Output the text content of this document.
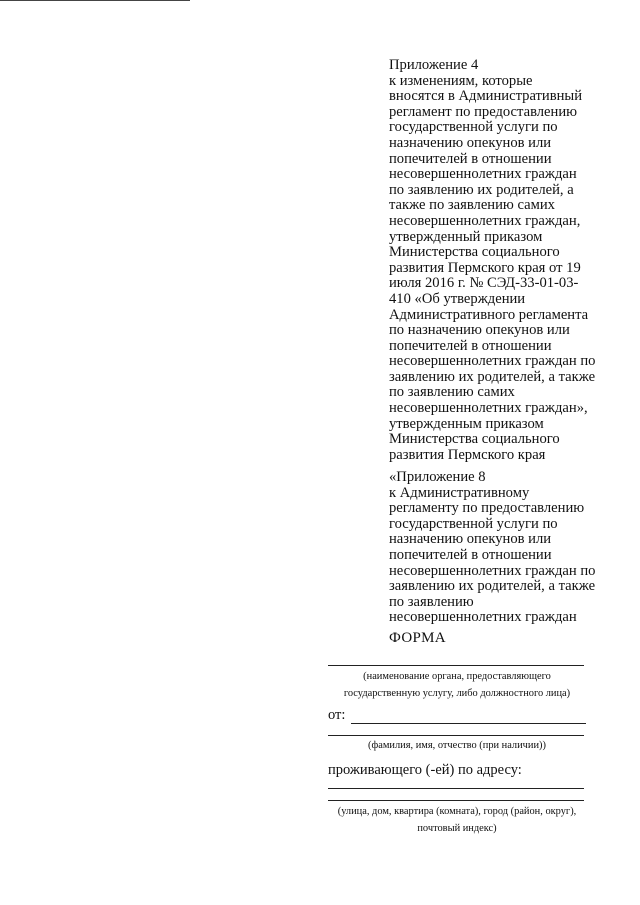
Приложение 4
к изменениям, которые
вносятся в Административный
регламент по предоставлению
государственной услуги по
назначению опекунов или
попечителей в отношении
несовершеннолетних граждан
по заявлению их родителей, а
также по заявлению самих
несовершеннолетних граждан,
утвержденный приказом
Министерства социального
развития Пермского края от 19
июля 2016 г. № СЭД-33-01-03-
410 «Об утверждении
Административного регламента
по назначению опекунов или
попечителей в отношении
несовершеннолетних граждан по
заявлению их родителей, а также
по заявлению самих
несовершеннолетних граждан»,
утвержденным приказом
Министерства социального
развития Пермского края
«Приложение 8
к Административному
регламенту по предоставлению
государственной услуги по
назначению опекунов или
попечителей в отношении
несовершеннолетних граждан по
заявлению их родителей, а также
по заявлению
несовершеннолетних граждан
ФОРМА
(наименование органа, предоставляющего
государственную услугу, либо должностного лица)
от:
(фамилия, имя, отчество (при наличии))
проживающего (-ей) по адресу:
(улица, дом, квартира (комната), город (район, округ),
почтовый индекс)
